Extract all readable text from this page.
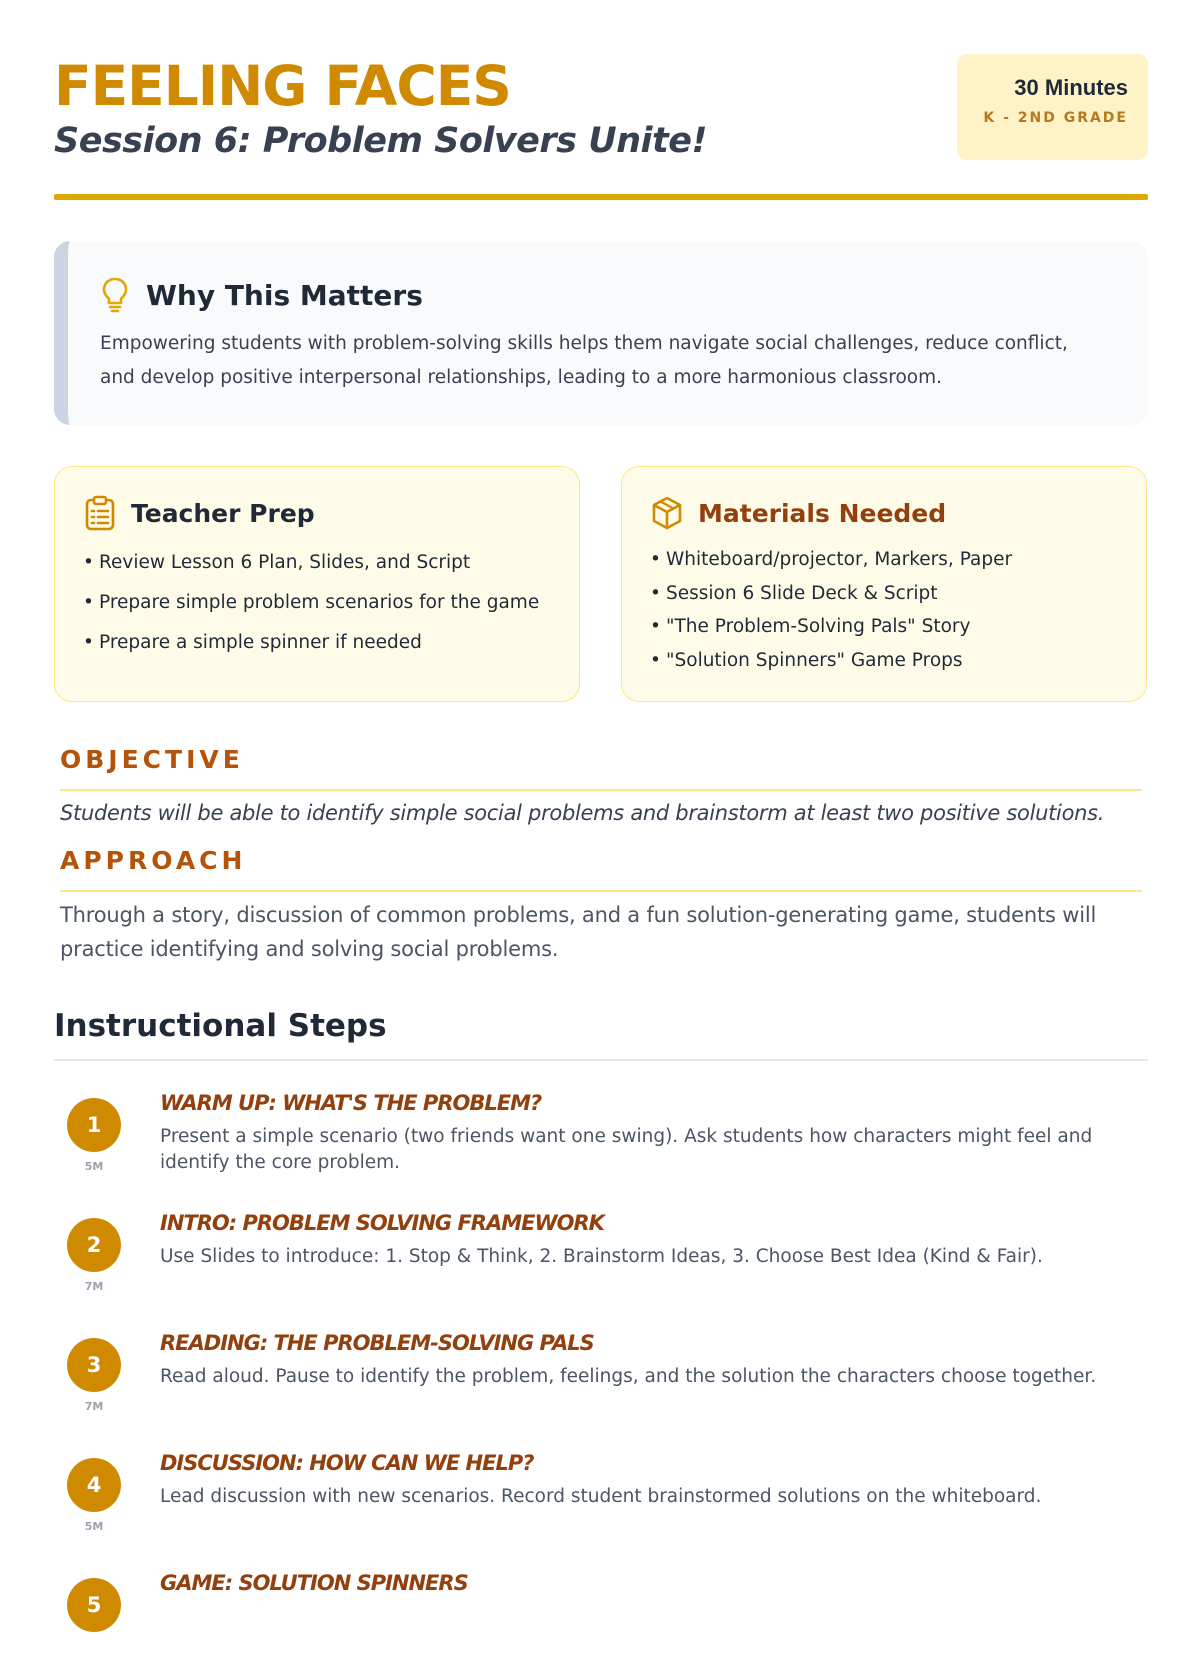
FEELING FACES
Session 6: Problem Solvers Unite!
30 Minutes
K - 2ND GRADE
Why This Matters
Empowering students with problem-solving skills helps them navigate social challenges, reduce conflict, and develop positive interpersonal relationships, leading to a more harmonious classroom.
Teacher Prep
• Review Lesson 6 Plan, Slides, and Script
• Prepare simple problem scenarios for the game
• Prepare a simple spinner if needed
Materials Needed
• Whiteboard/projector, Markers, Paper
• Session 6 Slide Deck & Script
• "The Problem-Solving Pals" Story
• "Solution Spinners" Game Props
OBJECTIVE
Students will be able to identify simple social problems and brainstorm at least two positive solutions.
APPROACH
Through a story, discussion of common problems, and a fun solution-generating game, students will practice identifying and solving social problems.
Instructional Steps
1
5M
WARM UP: WHAT'S THE PROBLEM?
Present a simple scenario (two friends want one swing). Ask students how characters might feel and identify the core problem.
2
7M
INTRO: PROBLEM SOLVING FRAMEWORK
Use Slides to introduce: 1. Stop & Think, 2. Brainstorm Ideas, 3. Choose Best Idea (Kind & Fair).
3
7M
READING: THE PROBLEM-SOLVING PALS
Read aloud. Pause to identify the problem, feelings, and the solution the characters choose together.
4
5M
DISCUSSION: HOW CAN WE HELP?
Lead discussion with new scenarios. Record student brainstormed solutions on the whiteboard.
5
GAME: SOLUTION SPINNERS
